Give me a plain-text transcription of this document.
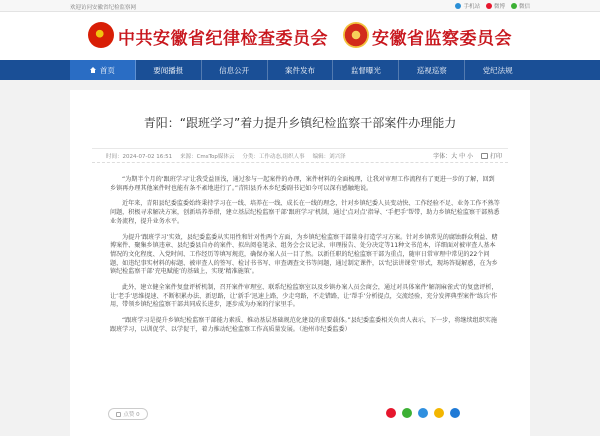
欢迎访问安徽省纪检监察网	手机站	微博	微信
中共安徽省纪律检查委员会	安徽省监察委员会
首页	要闻播报	信息公开	案件发布	监督曝光	巡视巡察	党纪法规
青阳：“跟班学习”着力提升乡镇纪检监察干部案件办理能力
时间：2024-07-02 16:51 来源：CmsTop媒体云 分类：工作动态,组织人事 编辑：刘兴泽	字体：大 中 小	打印

“为期半个月的‘跟班学习’让我受益匪浅，通过参与一起案件的办理，案件材料的全面梳理，让我对审理工作流程有了更进一步的了解，回到乡镇再办理其他案件时也能有条不紊地进行了。”青阳县乔木乡纪委副书记如今可以深有感触地说。

近年来，青阳县纪委监委始终秉持学习在一线、培养在一线、成长在一线的理念，针对乡镇纪委人员变动快、工作经验不足、业务工作不熟等问题，积极寻求解决方案，创新培养举措，建立基层纪检监察干部‘跟班学习’机制，通过‘点对点’指导、‘手把手’帮带，助力乡镇纪检监察干部熟悉业务流程，提升业务水平。

为提升‘跟班学习’实效，县纪委监委从实用性和针对性两个方面，为乡镇纪检监察干部量身打造学习方案。针对乡镇常见的腐蚀群众利益、赌博案件、聚集乡镇违章、县纪委县自办的案件、拟出阅卷笔录、组务会会议记录、审理报告、处分决定等11种文书范本，详细面对被审查人基本情况的文化程度、入党时间、工作经历等填写规范，确保办案人员一目了然。以新任职的纪检监察干部为重点，随审日常审理中常见的22个问题，如违纪事实材料的标题、被审查人的签写、检讨书书写、审查调查文书等问题，通过制定课件，以‘纪法讲课堂’形式，现场答疑解惑，在为乡镇纪检监察干部‘充电赋能’的基础上，实现‘精准施策’。

此外，建立健全案件复盘评析机制，召开案件审理室、联系纪检监察室以及乡镇办案人员会商会，通过对具体案件‘解剖麻雀式’的复盘评析，让‘老手’思维提速、不断积累办法、新思路，让‘新手’迅速上路，少走弯路，不走错路，让‘帮手’分析提点，交流经验，充分发挥典型案件‘练兵’作用，带领乡镇纪检监察干部共同成长进步，逐步成为办案的行家里手。

“跟班学习是提升乡镇纪检监察干部能力素质、推动基层基础规范化建设的重要载体。”县纪委监委相关负责人表示，下一步，将继续组织实施跟班学习，以训促学、以学促干，着力推动纪检监察工作高质量发展。（池州市纪委监委）

点赞 0
